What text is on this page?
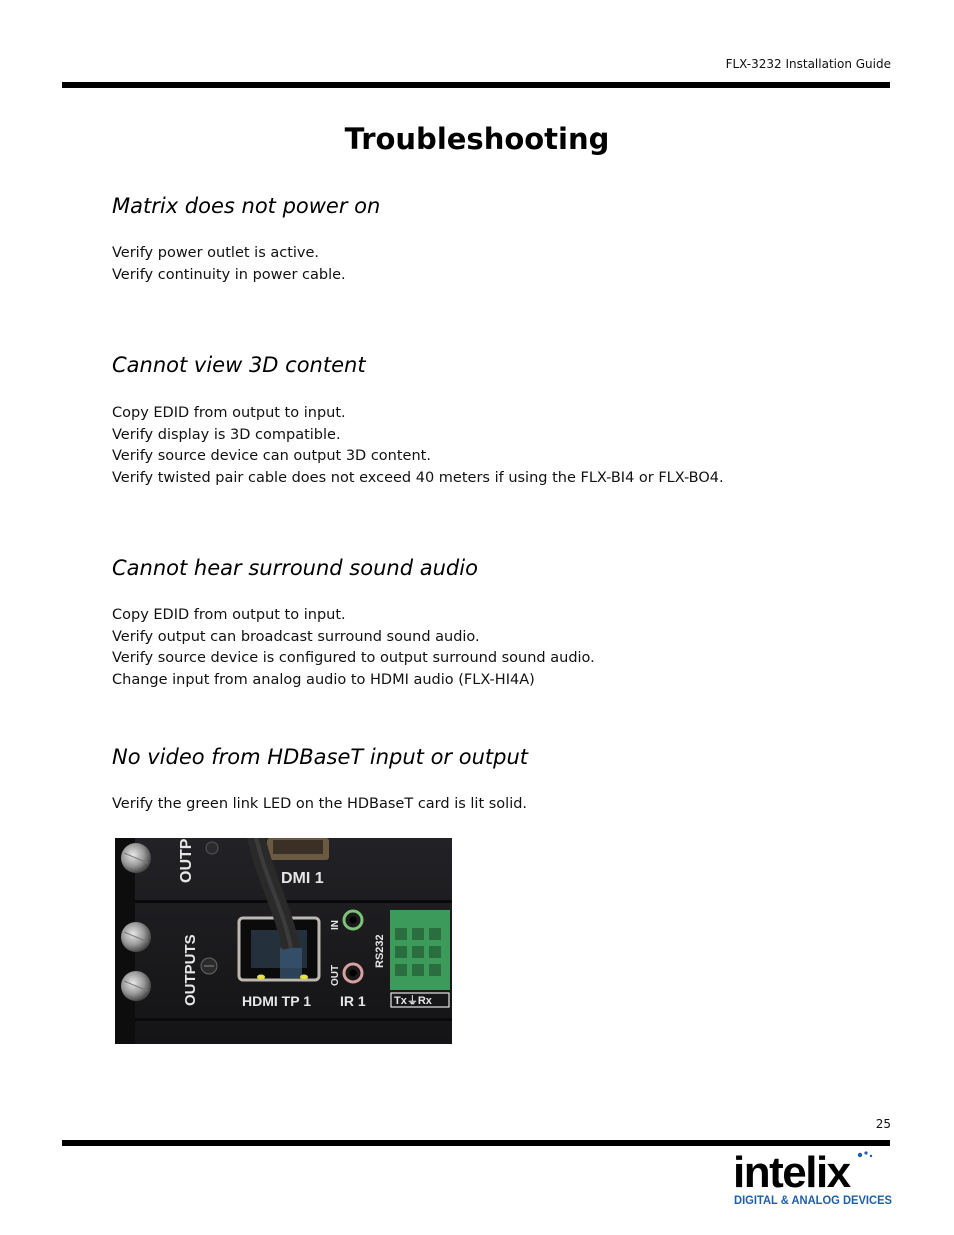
FLX-3232 Installation Guide
Troubleshooting
Matrix does not power on
Verify power outlet is active.
Verify continuity in power cable.
Cannot view 3D content
Copy EDID from output to input.
Verify display is 3D compatible.
Verify source device can output 3D content.
Verify twisted pair cable does not exceed 40 meters if using the FLX-BI4 or FLX-BO4.
Cannot hear surround sound audio
Copy EDID from output to input.
Verify output can broadcast surround sound audio.
Verify source device is configured to output surround sound audio.
Change input from analog audio to HDMI audio (FLX-HI4A)
No video from HDBaseT input or output
Verify the green link LED on the HDBaseT card is lit solid.
OUTP	DMI 1
OUTPUTS
IN
OUT
RS232
HDMI TP 1 IR 1	Tx⏚Rx
25
intelix
DIGITAL & ANALOG DEVICES
